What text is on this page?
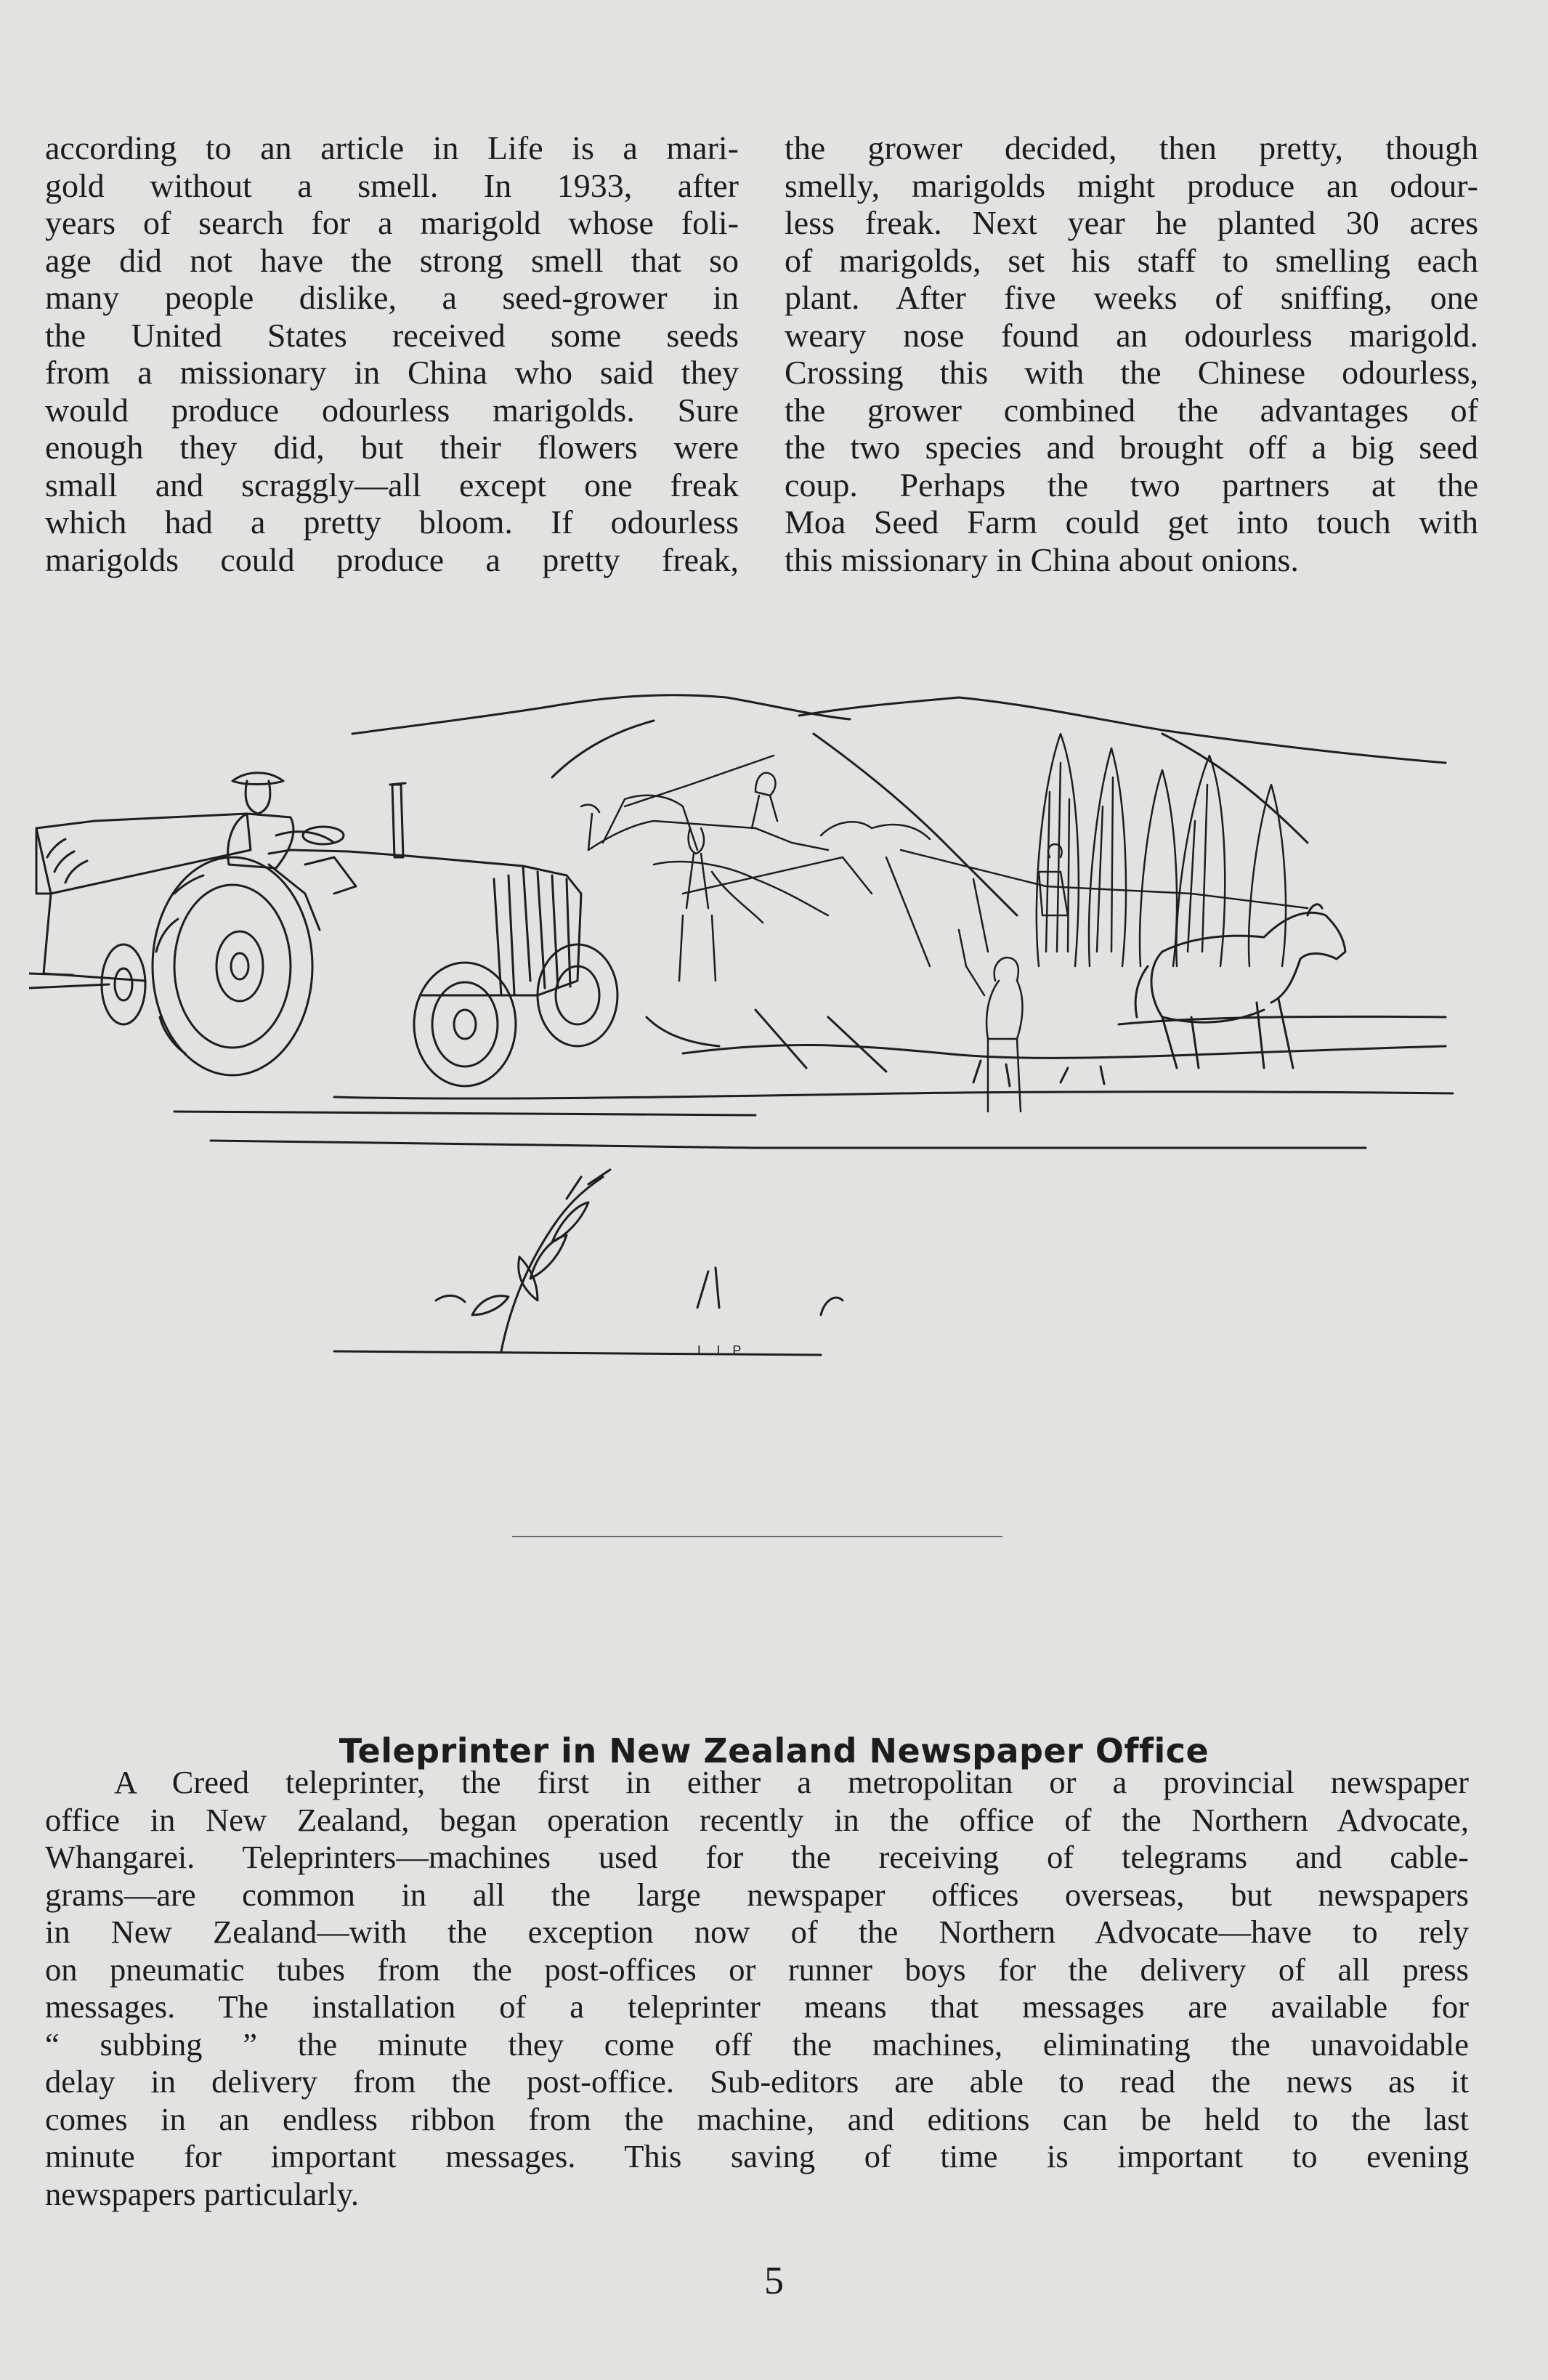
according to an article in Life is a mari-
gold without a smell. In 1933, after
years of search for a marigold whose foli-
age did not have the strong smell that so
many people dislike, a seed-grower in
the United States received some seeds
from a missionary in China who said they
would produce odourless marigolds. Sure
enough they did, but their flowers were
small and scraggly—all except one freak
which had a pretty bloom. If odourless
marigolds could produce a pretty freak,

the grower decided, then pretty, though
smelly, marigolds might produce an odour-
less freak. Next year he planted 30 acres
of marigolds, set his staff to smelling each
plant. After five weeks of sniffing, one
weary nose found an odourless marigold.
Crossing this with the Chinese odourless,
the grower combined the advantages of
the two species and brought off a big seed
coup. Perhaps the two partners at the
Moa Seed Farm could get into touch with
this missionary in China about onions.

L I P
Teleprinter in New Zealand Newspaper Office
A Creed teleprinter, the first in either a metropolitan or a provincial newspaper
office in New Zealand, began operation recently in the office of the Northern Advocate,
Whangarei. Teleprinters—machines used for the receiving of telegrams and cable-
grams—are common in all the large newspaper offices overseas, but newspapers
in New Zealand—with the exception now of the Northern Advocate—have to rely
on pneumatic tubes from the post-offices or runner boys for the delivery of all press
messages. The installation of a teleprinter means that messages are available for
“ subbing ” the minute they come off the machines, eliminating the unavoidable
delay in delivery from the post-office. Sub-editors are able to read the news as it
comes in an endless ribbon from the machine, and editions can be held to the last
minute for important messages. This saving of time is important to evening
newspapers particularly.
5
